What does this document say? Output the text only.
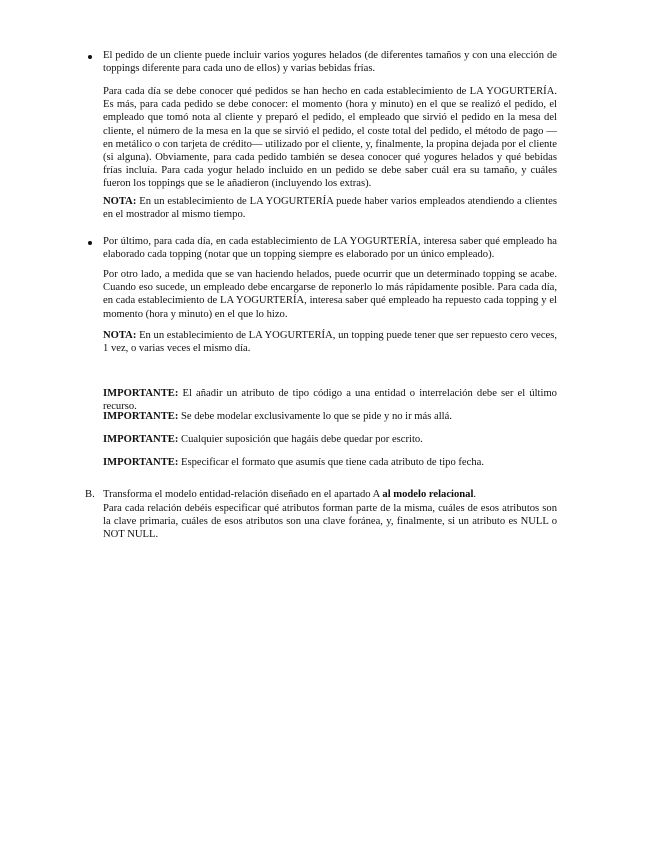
El pedido de un cliente puede incluir varios yogures helados (de diferentes tamaños y con una elección de toppings diferente para cada uno de ellos) y varias bebidas frías.

Para cada día se debe conocer qué pedidos se han hecho en cada establecimiento de LA YOGURTERÍA. Es más, para cada pedido se debe conocer: el momento (hora y minuto) en el que se realizó el pedido, el empleado que tomó nota al cliente y preparó el pedido, el empleado que sirvió el pedido en la mesa del cliente, el número de la mesa en la que se sirvió el pedido, el coste total del pedido, el método de pago —en metálico o con tarjeta de crédito— utilizado por el cliente, y, finalmente, la propina dejada por el cliente (si alguna). Obviamente, para cada pedido también se desea conocer qué yogures helados y qué bebidas frías incluía. Para cada yogur helado incluido en un pedido se debe saber cuál era su tamaño, y cuáles fueron los toppings que se le añadieron (incluyendo los extras).

NOTA: En un establecimiento de LA YOGURTERÍA puede haber varios empleados atendiendo a clientes en el mostrador al mismo tiempo.

Por último, para cada día, en cada establecimiento de LA YOGURTERÍA, interesa saber qué empleado ha elaborado cada topping (notar que un topping siempre es elaborado por un único empleado).

Por otro lado, a medida que se van haciendo helados, puede ocurrir que un determinado topping se acabe. Cuando eso sucede, un empleado debe encargarse de reponerlo lo más rápidamente posible. Para cada día, en cada establecimiento de LA YOGURTERÍA, interesa saber qué empleado ha repuesto cada topping y el momento (hora y minuto) en el que lo hizo.

NOTA: En un establecimiento de LA YOGURTERÍA, un topping puede tener que ser repuesto cero veces, 1 vez, o varias veces el mismo día.

IMPORTANTE: El añadir un atributo de tipo código a una entidad o interrelación debe ser el último recurso.

IMPORTANTE: Se debe modelar exclusivamente lo que se pide y no ir más allá.

IMPORTANTE: Cualquier suposición que hagáis debe quedar por escrito.

IMPORTANTE: Especificar el formato que asumís que tiene cada atributo de tipo fecha.

B. Transforma el modelo entidad-relación diseñado en el apartado A al modelo relacional.

Para cada relación debéis especificar qué atributos forman parte de la misma, cuáles de esos atributos son la clave primaria, cuáles de esos atributos son una clave foránea, y, finalmente, si un atributo es NULL o NOT NULL.
